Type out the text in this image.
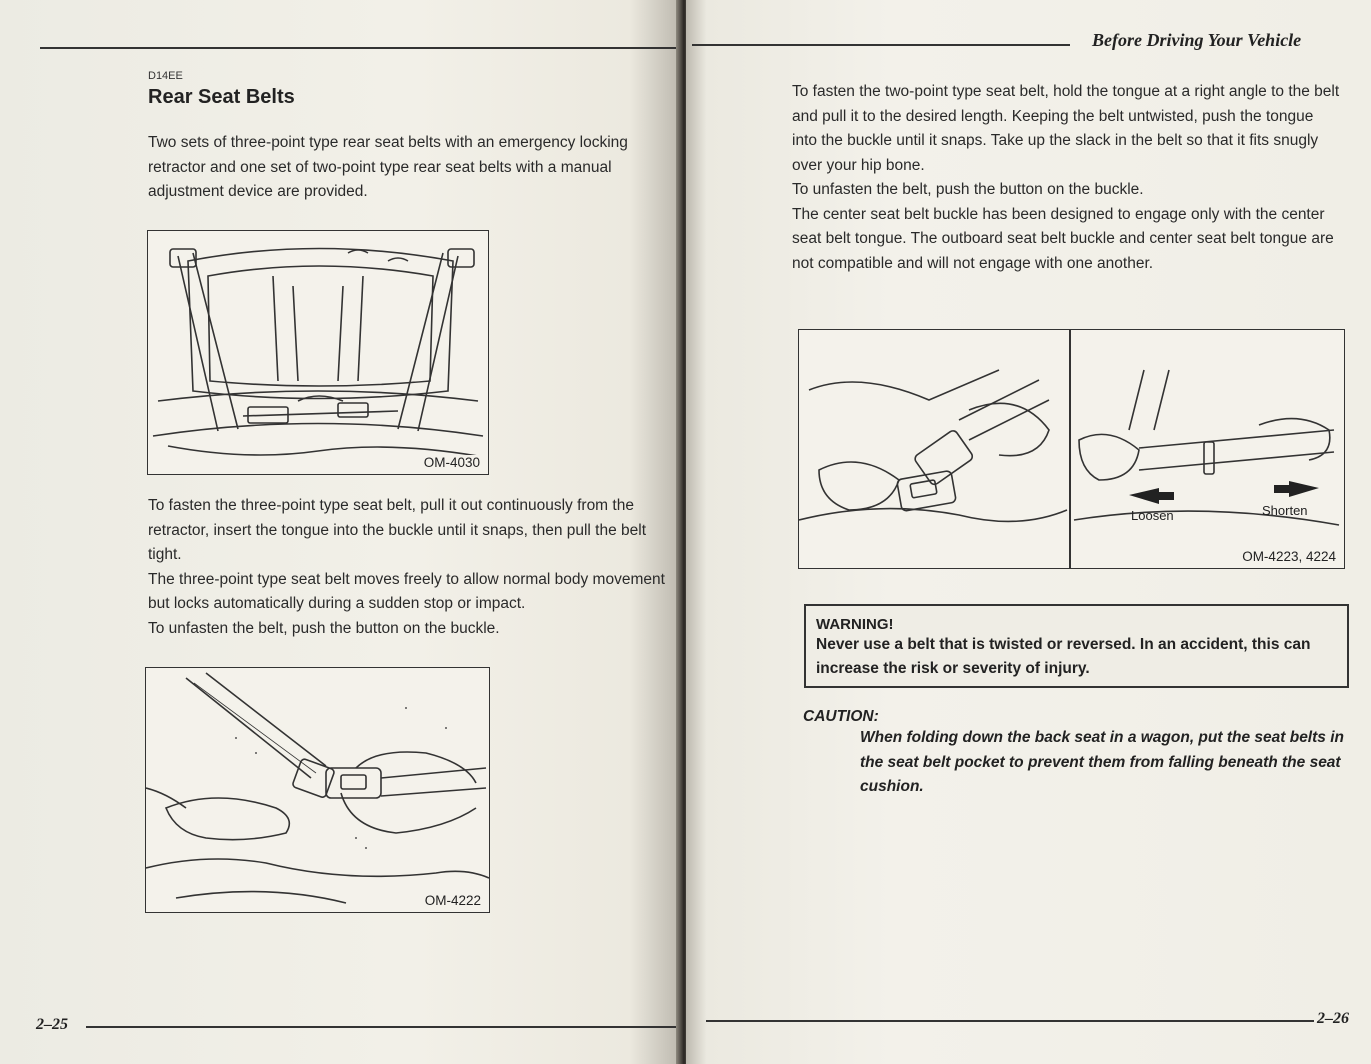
D14EE
Rear Seat Belts

Two sets of three-point type rear seat belts with an emergency locking retractor and one set of two-point type rear seat belts with a manual adjustment device are provided.

OM-4030

To fasten the three-point type seat belt, pull it out continuously from the retractor, insert the tongue into the buckle until it snaps, then pull the belt tight.

The three-point type seat belt moves freely to allow normal body movement but locks automatically during a sudden stop or impact.

To unfasten the belt, push the button on the buckle.

OM-4222
2–25
Before Driving Your Vehicle

To fasten the two-point type seat belt, hold the tongue at a right angle to the belt and pull it to the desired length. Keeping the belt untwisted, push the tongue into the buckle until it snaps. Take up the slack in the belt so that it fits snugly over your hip bone.

To unfasten the belt, push the button on the buckle.

The center seat belt buckle has been designed to engage only with the center seat belt tongue. The outboard seat belt buckle and center seat belt tongue are not compatible and will not engage with one another.

Loosen	Shorten
OM-4223, 4224
WARNING!
Never use a belt that is twisted or reversed. In an accident, this can increase the risk or severity of injury.
CAUTION:
When folding down the back seat in a wagon, put the seat belts in the seat belt pocket to prevent them from falling beneath the seat cushion.
2–26
